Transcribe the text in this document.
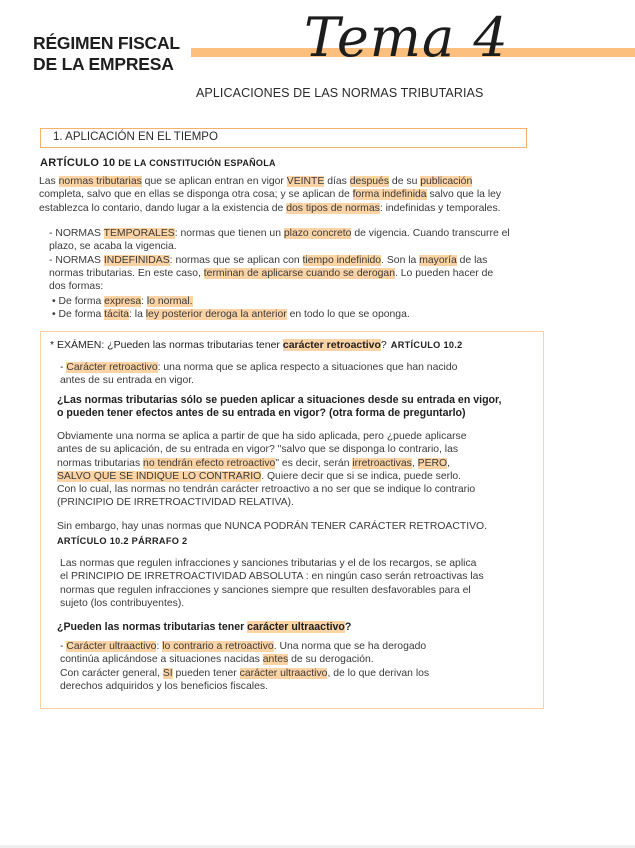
RÉGIMEN FISCAL
DE LA EMPRESA Tema 4
APLICACIONES DE LAS NORMAS TRIBUTARIAS
1. APLICACIÓN EN EL TIEMPO
ARTÍCULO 10 DE LA CONSTITUCIÓN ESPAÑOLA
Las normas tributarias que se aplican entran en vigor VEINTE días después de su publicación
completa, salvo que en ellas se disponga otra cosa; y se aplican de forma indefinida salvo que la ley
establezca lo contario, dando lugar a la existencia de dos tipos de normas: indefinidas y temporales.
- NORMAS TEMPORALES: normas que tienen un plazo concreto de vigencia. Cuando transcurre el
plazo, se acaba la vigencia.
- NORMAS INDEFINIDAS: normas que se aplican con tiempo indefinido. Son la mayoría de las
normas tributarias. En este caso, terminan de aplicarse cuando se derogan. Lo pueden hacer de
dos formas:
• De forma expresa: lo normal.
• De forma tácita: la ley posterior deroga la anterior en todo lo que se oponga.
* EXÁMEN: ¿Pueden las normas tributarias tener carácter retroactivo? ARTÍCULO 10.2
- Carácter retroactivo: una norma que se aplica respecto a situaciones que han nacido
antes de su entrada en vigor.
¿Las normas tributarias sólo se pueden aplicar a situaciones desde su entrada en vigor,
o pueden tener efectos antes de su entrada en vigor? (otra forma de preguntarlo)
Obviamente una norma se aplica a partir de que ha sido aplicada, pero ¿puede aplicarse
antes de su aplicación, de su entrada en vigor? "salvo que se disponga lo contrario, las
normas tributarias no tendrán efecto retroactivo" es decir, serán irretroactivas, PERO,
SALVO QUE SE INDIQUE LO CONTRARIO. Quiere decir que si se indica, puede serlo.
Con lo cual, las normas no tendrán carácter retroactivo a no ser que se indique lo contrario
(PRINCIPIO DE IRRETROACTIVIDAD RELATIVA).
Sin embargo, hay unas normas que NUNCA PODRÁN TENER CARÁCTER RETROACTIVO.
ARTÍCULO 10.2 PÁRRAFO 2
Las normas que regulen infracciones y sanciones tributarias y el de los recargos, se aplica
el PRINCIPIO DE IRRETROACTIVIDAD ABSOLUTA : en ningún caso serán retroactivas las
normas que regulen infracciones y sanciones siempre que resulten desfavorables para el
sujeto (los contribuyentes).
¿Pueden las normas tributarias tener carácter ultraactivo?
- Carácter ultraactivo: lo contrario a retroactivo. Una norma que se ha derogado
continúa aplicándose a situaciones nacidas antes de su derogación.
Con carácter general, SI pueden tener carácter ultraactivo, de lo que derivan los
derechos adquiridos y los beneficios fiscales.
